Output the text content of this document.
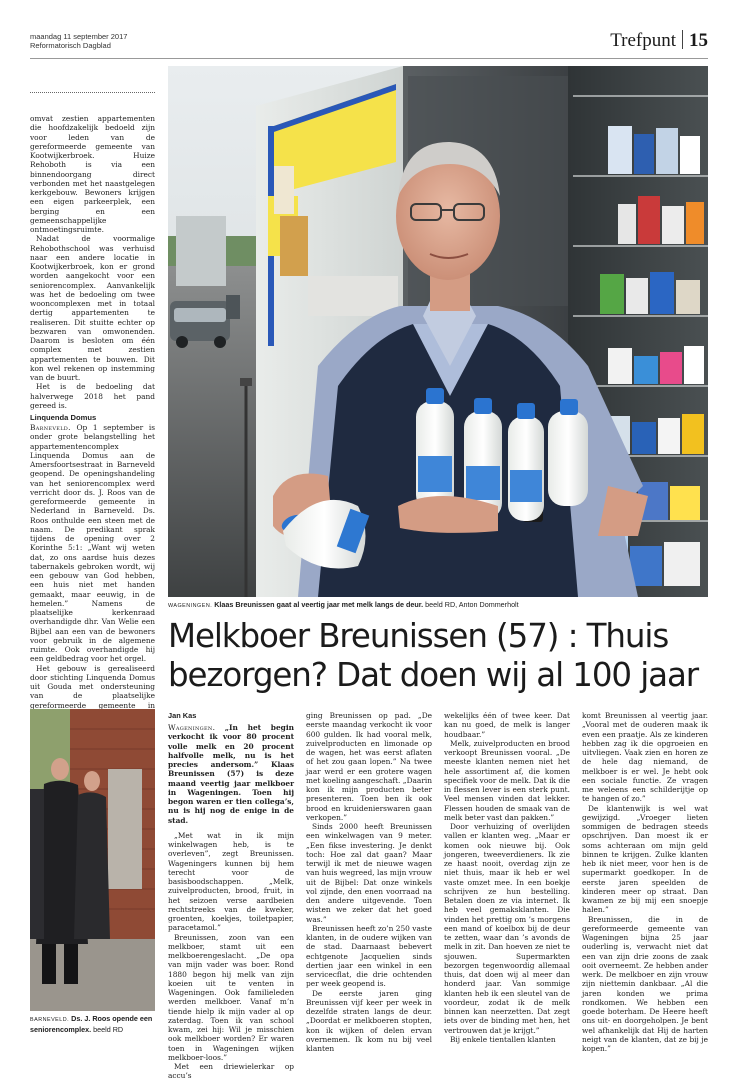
maandag 11 september 2017
Reformatorisch Dagblad	Trefpunt 15

omvat zestien appartementen die hoofdzakelijk bedoeld zijn voor leden van de gereformeerde gemeente van Kootwijkerbroek. Huize Rehoboth is via een binnendoorgang direct verbonden met het naastgelegen kerkgebouw. Bewoners krijgen een eigen parkeerplek, een berging en een gemeenschappelijke ontmoetingsruimte.

Nadat de voormalige Rehobothschool was verhuisd naar een andere locatie in Kootwijkerbroek, kon er grond worden aangekocht voor een seniorencomplex. Aanvankelijk was het de bedoeling om twee wooncomplexen met in totaal dertig appartementen te realiseren. Dit stuitte echter op bezwaren van omwonenden. Daarom is besloten om één complex met zestien appartementen te bouwen. Dit kon wel rekenen op instemming van de buurt.

Het is de bedoeling dat halverwege 2018 het pand gereed is.

Linquenda Domus

Barneveld. Op 1 september is onder grote belangstelling het appartementencomplex Linquenda Domus aan de Amersfoortsestraat in Barneveld geopend. De openingshandeling van het seniorencomplex werd verricht door ds. J. Roos van de gereformeerde gemeente in Nederland in Barneveld. Ds. Roos onthulde een steen met de naam. De predikant sprak tijdens de opening over 2 Korinthe 5:1: „Want wij weten dat, zo ons aardse huis dezes tabernakels gebroken wordt, wij een gebouw van God hebben, een huis niet met handen gemaakt, maar eeuwig, in de hemelen.” Namens de plaatselijke kerkenraad overhandigde dhr. Van Welie een Bijbel aan een van de bewoners voor gebruik in de algemene ruimte. Ook overhandigde hij een geldbedrag voor het orgel.

Het gebouw is gerealiseerd door stichting Linquenda Domus uit Gouda met ondersteuning van de plaatselijke gereformeerde gemeente in

WAGENINGEN. Klaas Breunissen gaat al veertig jaar met melk langs de deur. beeld RD, Anton Dommerholt
Melkboer Breunissen (57) : Thuis bezorgen? Dat doen wij al 100 jaar
BARNEVELD. Ds. J. Roos opende een seniorencomplex. beeld RD
Jan Kas

Wageningen. „In het begin verkocht ik voor 80 procent volle melk en 20 procent halfvolle melk, nu is het precies andersom.” Klaas Breunissen (57) is deze maand veertig jaar melkboer in Wageningen. Toen hij begon waren er tien collega’s, nu is hij nog de enige in de stad.

„Met wat in ik mijn winkelwagen heb, is te overleven”, zegt Breunissen. Wageningers kunnen bij hem terecht voor de basisboodschappen. „Melk, zuivelproducten, brood, fruit, in het seizoen verse aardbeien rechtstreeks van de kweker, groenten, koekjes, toiletpapier, paracetamol.”

Breunissen, zoon van een melkboer, stamt uit een melkboerengeslacht. „De opa van mijn vader was boer. Rond 1880 begon hij melk van zijn koeien uit te venten in Wageningen. Ook familieleden werden melkboer. Vanaf m’n tiende hielp ik mijn vader al op zaterdag. Toen ik van school kwam, zei hij: Wil je misschien ook melkboer worden? Er waren toen in Wageningen wijken melkboer-loos.”

Met een driewielerkar op accu’s

ging Breunissen op pad. „De eerste maandag verkocht ik voor 600 gulden. Ik had vooral melk, zuivelproducten en limonade op de wagen, het was eerst aflaten of het zou gaan lopen.” Na twee jaar werd er een grotere wagen met koeling aangeschaft. „Daarin kon ik mijn producten beter presenteren. Toen ben ik ook brood en kruidenierswaren gaan verkopen.”

Sinds 2000 heeft Breunissen een winkelwagen van 9 meter. „Een fikse investering. Je denkt toch: Hoe zal dat gaan? Maar terwijl ik met de nieuwe wagen van huis wegreed, las mijn vrouw uit de Bijbel: Dat onze winkels vol zijnde, den enen voorraad na den andere uitgevende. Toen wisten we zeker dat het goed was.”

Breunissen heeft zo’n 250 vaste klanten, in de oudere wijken van de stad. Daarnaast bebevert echtgenote Jacquelien sinds dertien jaar een winkel in een servicecflat, die drie ochtenden per week geopend is.

De eerste jaren ging Breunissen vijf keer per week in dezelfde straten langs de deur. „Doordat er melkboeren stopten, kon ik wijken of delen ervan overnemen. Ik kom nu bij veel klanten

wekelijks één of twee keer. Dat kan nu goed, de melk is langer houdbaar.”

Melk, zuivelproducten en brood verkoopt Breunissen vooral. „De meeste klanten nemen niet het hele assortiment af, die komen specifiek voor de melk. Dat ik die in flessen lever is een sterk punt. Veel mensen vinden dat lekker. Flessen houden de smaak van de melk beter vast dan pakken.”

Door verhuizing of overlijden vallen er klanten weg. „Maar er komen ook nieuwe bij. Ook jongeren, tweeverdieners. Ik zie ze haast nooit, overdag zijn ze niet thuis, maar ik heb er wel vaste omzet mee. In een boekje schrijven ze hun bestelling. Betalen doen ze via internet. Ik heb veel gemaksklanten. Die vinden het prettig om ’s morgens een mand of koelbox bij de deur te zetten, waar dan ’s avonds de melk in zit. Dan hoeven ze niet te sjouwen. Supermarkten bezorgen tegenwoordig allemaal thuis, dat doen wij al meer dan honderd jaar. Van sommige klanten heb ik een sleutel van de voordeur, zodat ik de melk binnen kan neerzetten. Dat zegt iets over de binding met hen, het vertrouwen dat je krijgt.”

Bij enkele tientallen klanten

komt Breunissen al veertig jaar. „Vooral met de ouderen maak ik even een praatje. Als ze kinderen hebben zag ik die opgroeien en uitvliegen. Vaak zien en horen ze de hele dag niemand, de melkboer is er wel. Je hebt ook een sociale functie. Ze vragen me weleens een schilderijtje op te hangen of zo.”

De klantenwijk is wel wat gewijzigd. „Vroeger lieten sommigen de bedragen steeds opschrijven. Dan moest ik er soms achteraan om mijn geld binnen te krijgen. Zulke klanten heb ik niet meer, voor hen is de supermarkt goedkoper. In de eerste jaren speelden de kinderen meer op straat. Dan kwamen ze bij mij een snoepje halen.”

Breunissen, die in de gereformeerde gemeente van Wageningen bijna 25 jaar ouderling is, verwacht niet dat een van zijn drie zoons de zaak ooit overneemt. Ze hebben ander werk. De melkboer en zijn vrouw zijn niettemin dankbaar. „Al die jaren konden we prima rondkomen. We hebben een goede boterham. De Heere heeft ons uit- en doorgeholpen. Je bent wel afhankelijk dat Hij de harten neigt van de klanten, dat ze bij je kopen.”
